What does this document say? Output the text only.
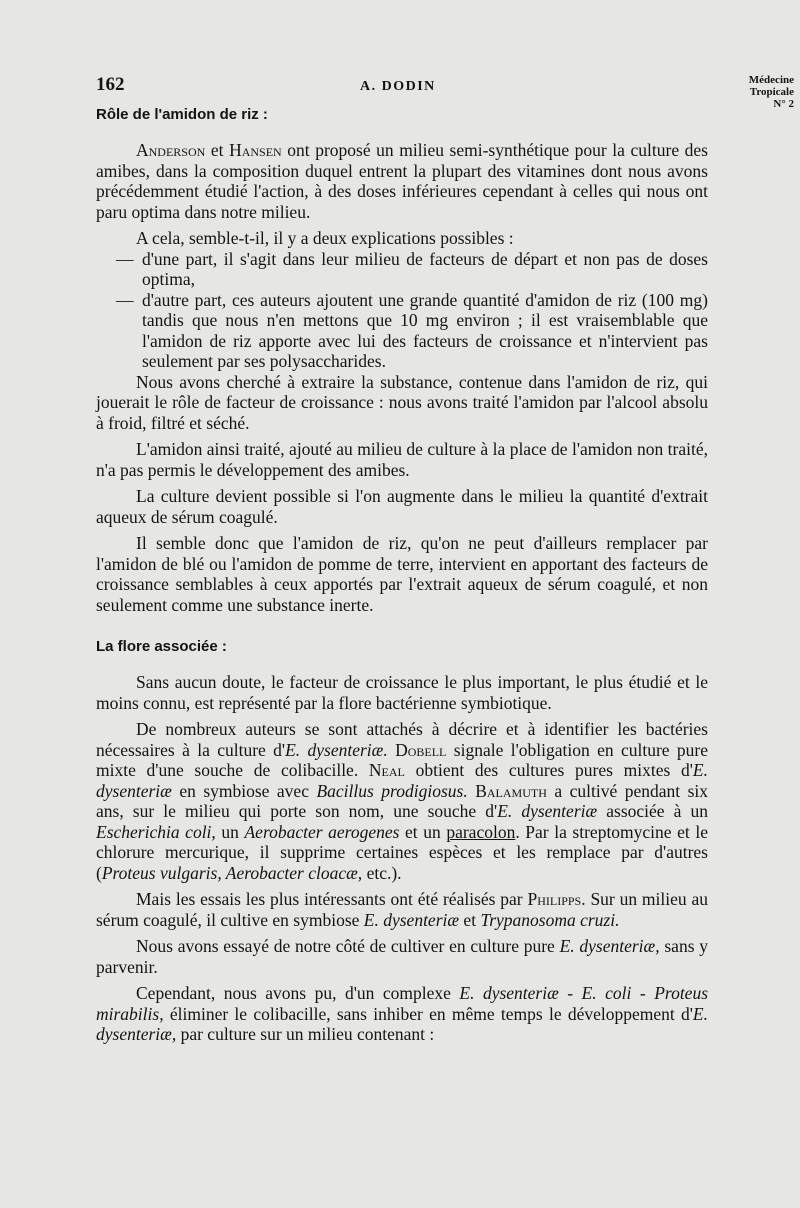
162	A. DODIN	Médecine
Tropicale
N° 2
Rôle de l'amidon de riz :

Anderson et Hansen ont proposé un milieu semi-synthétique pour la culture des amibes, dans la composition duquel entrent la plupart des vitamines dont nous avons précédemment étudié l'action, à des doses inférieures cependant à celles qui nous ont paru optima dans notre milieu.

A cela, semble-t-il, il y a deux explications possibles :

— d'une part, il s'agit dans leur milieu de facteurs de départ et non pas de doses optima,
— d'autre part, ces auteurs ajoutent une grande quantité d'amidon de riz (100 mg) tandis que nous n'en mettons que 10 mg environ ; il est vraisemblable que l'amidon de riz apporte avec lui des facteurs de croissance et n'intervient pas seulement par ses polysaccharides.

Nous avons cherché à extraire la substance, contenue dans l'amidon de riz, qui jouerait le rôle de facteur de croissance : nous avons traité l'amidon par l'alcool absolu à froid, filtré et séché.

L'amidon ainsi traité, ajouté au milieu de culture à la place de l'amidon non traité, n'a pas permis le développement des amibes.

La culture devient possible si l'on augmente dans le milieu la quantité d'extrait aqueux de sérum coagulé.

Il semble donc que l'amidon de riz, qu'on ne peut d'ailleurs remplacer par l'amidon de blé ou l'amidon de pomme de terre, intervient en apportant des facteurs de croissance semblables à ceux apportés par l'extrait aqueux de sérum coagulé, et non seulement comme une substance inerte.

La flore associée :

Sans aucun doute, le facteur de croissance le plus important, le plus étudié et le moins connu, est représenté par la flore bactérienne symbiotique.

De nombreux auteurs se sont attachés à décrire et à identifier les bactéries nécessaires à la culture d'E. dysenteriæ. Dobell signale l'obligation en culture pure mixte d'une souche de colibacille. Neal obtient des cultures pures mixtes d'E. dysenteriæ en symbiose avec Bacillus prodigiosus. Balamuth a cultivé pendant six ans, sur le milieu qui porte son nom, une souche d'E. dysenteriæ associée à un Escherichia coli, un Aerobacter aerogenes et un paracolon. Par la streptomycine et le chlorure mercurique, il supprime certaines espèces et les remplace par d'autres (Proteus vulgaris, Aerobacter cloacæ, etc.).

Mais les essais les plus intéressants ont été réalisés par Philipps. Sur un milieu au sérum coagulé, il cultive en symbiose E. dysenteriæ et Trypanosoma cruzi.

Nous avons essayé de notre côté de cultiver en culture pure E. dysenteriæ, sans y parvenir.

Cependant, nous avons pu, d'un complexe E. dysenteriæ - E. coli - Proteus mirabilis, éliminer le colibacille, sans inhiber en même temps le développement d'E. dysenteriæ, par culture sur un milieu contenant :
